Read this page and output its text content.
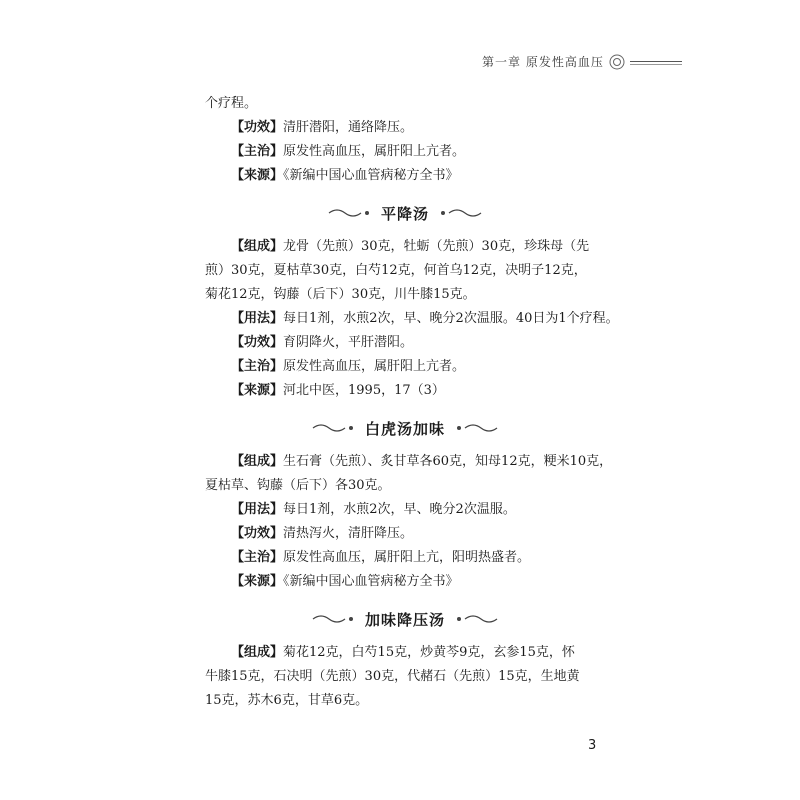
第一章 原发性高血压
个疗程。
【功效】清肝潜阳，通络降压。
【主治】原发性高血压，属肝阳上亢者。
【来源】《新编中国心血管病秘方全书》
平降汤
【组成】龙骨（先煎）30克，牡蛎（先煎）30克，珍珠母（先
煎）30克，夏枯草30克，白芍12克，何首乌12克，决明子12克，
菊花12克，钩藤（后下）30克，川牛膝15克。
【用法】每日1剂，水煎2次，早、晚分2次温服。40日为1个疗程。
【功效】育阴降火，平肝潜阳。
【主治】原发性高血压，属肝阳上亢者。
【来源】河北中医，1995，17（3）
白虎汤加味
【组成】生石膏（先煎）、炙甘草各60克，知母12克，粳米10克，
夏枯草、钩藤（后下）各30克。
【用法】每日1剂，水煎2次，早、晚分2次温服。
【功效】清热泻火，清肝降压。
【主治】原发性高血压，属肝阳上亢，阳明热盛者。
【来源】《新编中国心血管病秘方全书》
加味降压汤
【组成】菊花12克，白芍15克，炒黄芩9克，玄参15克，怀
牛膝15克，石决明（先煎）30克，代赭石（先煎）15克，生地黄
15克，苏木6克，甘草6克。
3
